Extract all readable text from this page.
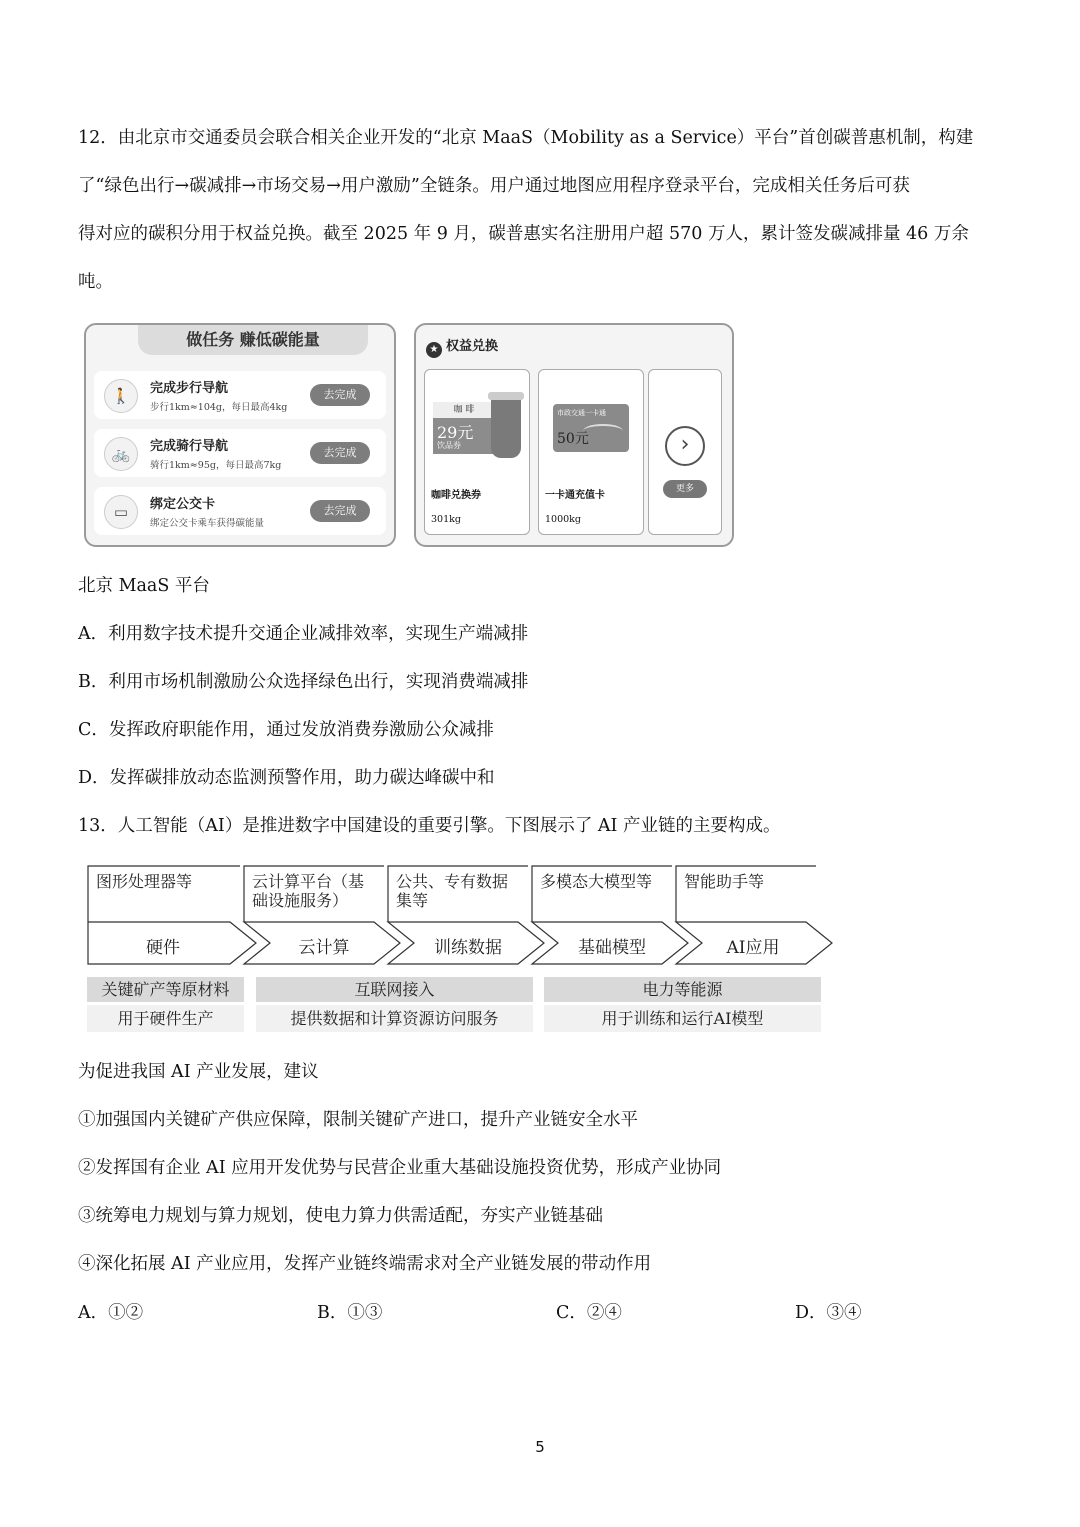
12．由北京市交通委员会联合相关企业开发的“北京 MaaS（Mobility as a Service）平台”首创碳普惠机制，构建
了“绿色出行→碳减排→市场交易→用户激励”全链条。用户通过地图应用程序登录平台，完成相关任务后可获
得对应的碳积分用于权益兑换。截至 2025 年 9 月，碳普惠实名注册用户超 570 万人，累计签发碳减排量 46 万余
吨。
做任务 赚低碳能量
🚶	完成步行导航
步行1km≈104g，每日最高4kg
去完成
🚲	完成骑行导航
骑行1km≈95g，每日最高7kg
去完成
▭	绑定公交卡
绑定公交卡乘车获得碳能量
去完成
★ 权益兑换
咖 啡
29元
饮品券
咖啡兑换券
301kg
市政交通一卡通
50元
一卡通充值卡
1000kg
›
更多
北京 MaaS 平台
A．利用数字技术提升交通企业减排效率，实现生产端减排
B．利用市场机制激励公众选择绿色出行，实现消费端减排
C．发挥政府职能作用，通过发放消费券激励公众减排
D．发挥碳排放动态监测预警作用，助力碳达峰碳中和
13．人工智能（AI）是推进数字中国建设的重要引擎。下图展示了 AI 产业链的主要构成。
图形处理器等	云计算平台（基
础设施服务）
公共、专有数据
集等
多模态大模型等 智能助手等
硬件	云计算	训练数据	基础模型	AI应用
关键矿产等原材料
用于硬件生产
互联网接入
提供数据和计算资源访问服务
电力等能源
用于训练和运行AI模型
为促进我国 AI 产业发展，建议
①加强国内关键矿产供应保障，限制关键矿产进口，提升产业链安全水平
②发挥国有企业 AI 应用开发优势与民营企业重大基础设施投资优势，形成产业协同
③统筹电力规划与算力规划，使电力算力供需适配，夯实产业链基础
④深化拓展 AI 产业应用，发挥产业链终端需求对全产业链发展的带动作用
A．①②	B．①③	C．②④	D．③④
5
